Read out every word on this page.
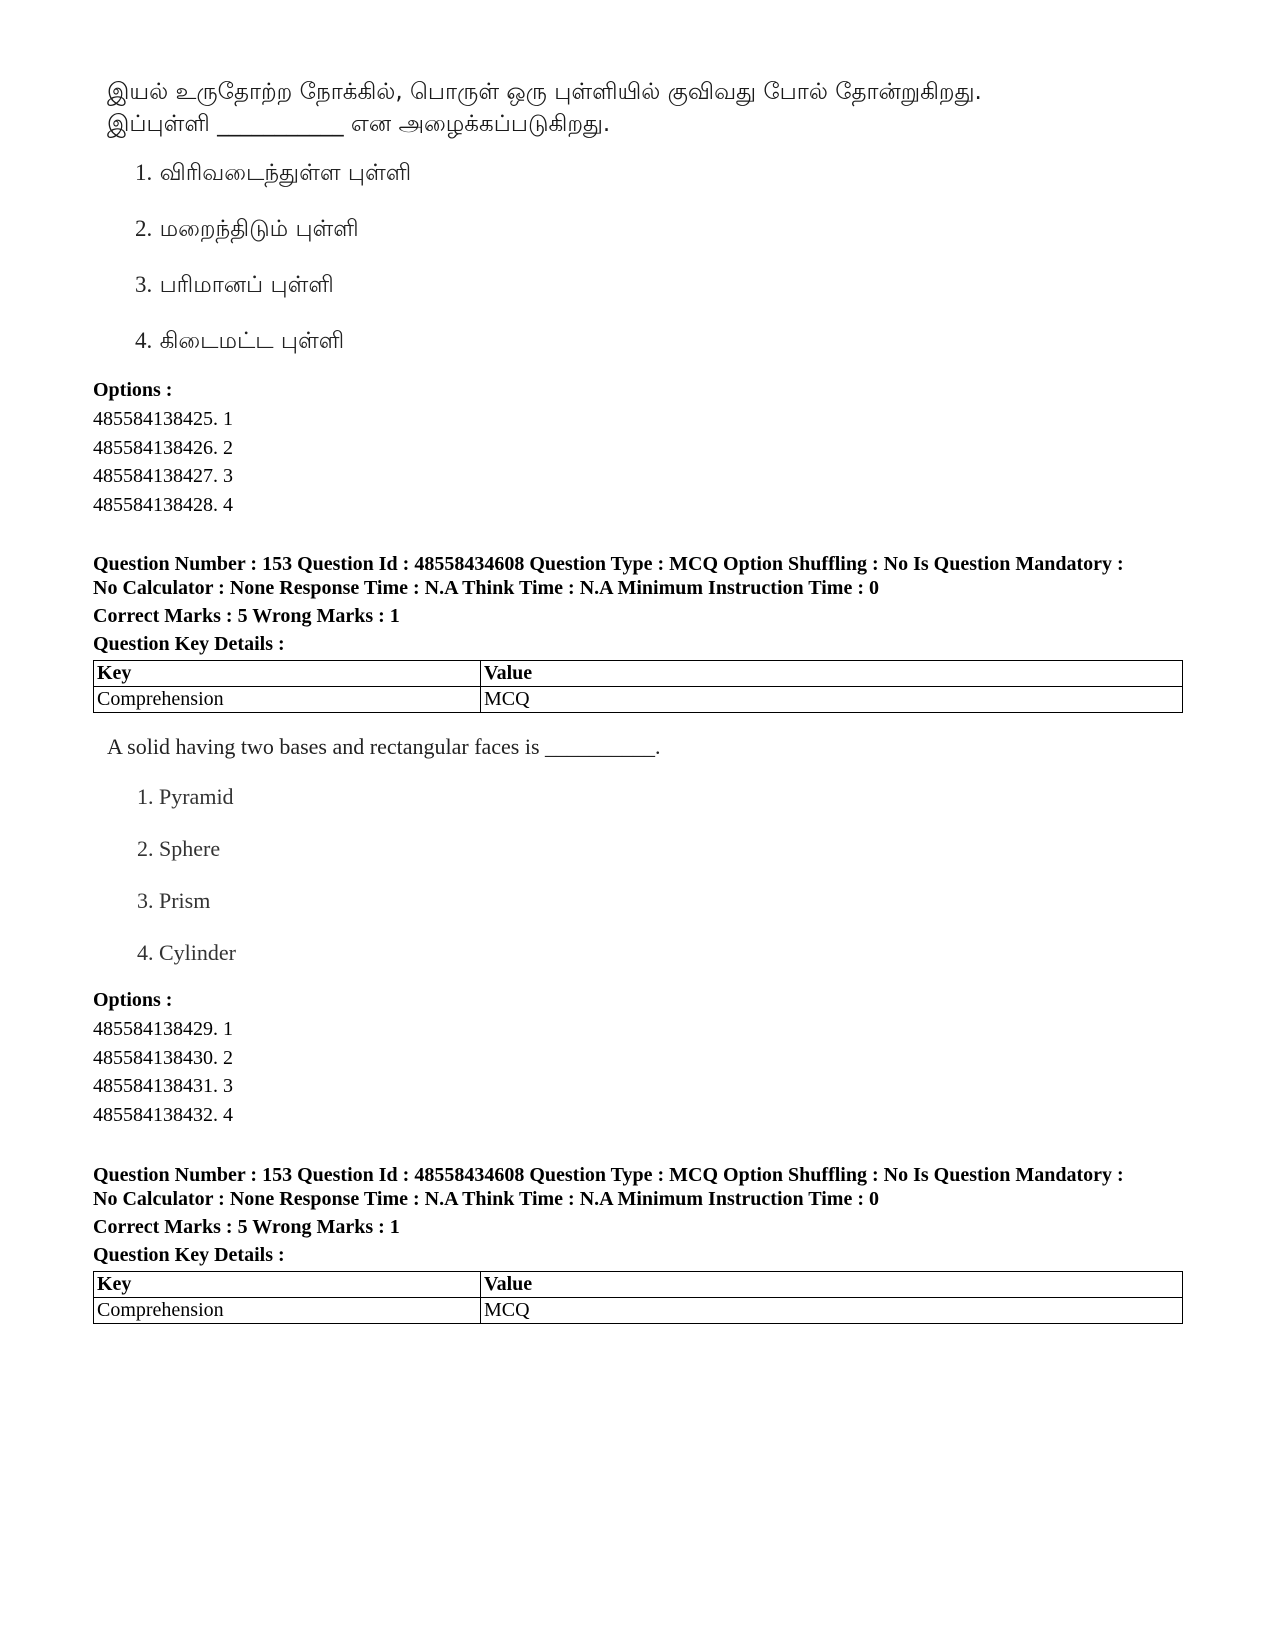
இயல் உருதோற்ற நோக்கில், பொருள் ஒரு புள்ளியில் குவிவது போல் தோன்றுகிறது.

இப்புள்ளி ___________ என அழைக்கப்படுகிறது.

1. விரிவடைந்துள்ள புள்ளி
2. மறைந்திடும் புள்ளி
3. பரிமானப் புள்ளி
4. கிடைமட்ட புள்ளி
Options :
485584138425. 1
485584138426. 2
485584138427. 3
485584138428. 4
Question Number : 153 Question Id : 48558434608 Question Type : MCQ Option Shuffling : No Is Question Mandatory :
No Calculator : None Response Time : N.A Think Time : N.A Minimum Instruction Time : 0
Correct Marks : 5 Wrong Marks : 1
Question Key Details :
Key	Value
Comprehension	MCQ

A solid having two bases and rectangular faces is __________.

1. Pyramid
2. Sphere
3. Prism
4. Cylinder
Options :
485584138429. 1
485584138430. 2
485584138431. 3
485584138432. 4
Question Number : 153 Question Id : 48558434608 Question Type : MCQ Option Shuffling : No Is Question Mandatory :
No Calculator : None Response Time : N.A Think Time : N.A Minimum Instruction Time : 0
Correct Marks : 5 Wrong Marks : 1
Question Key Details :
Key	Value
Comprehension	MCQ
